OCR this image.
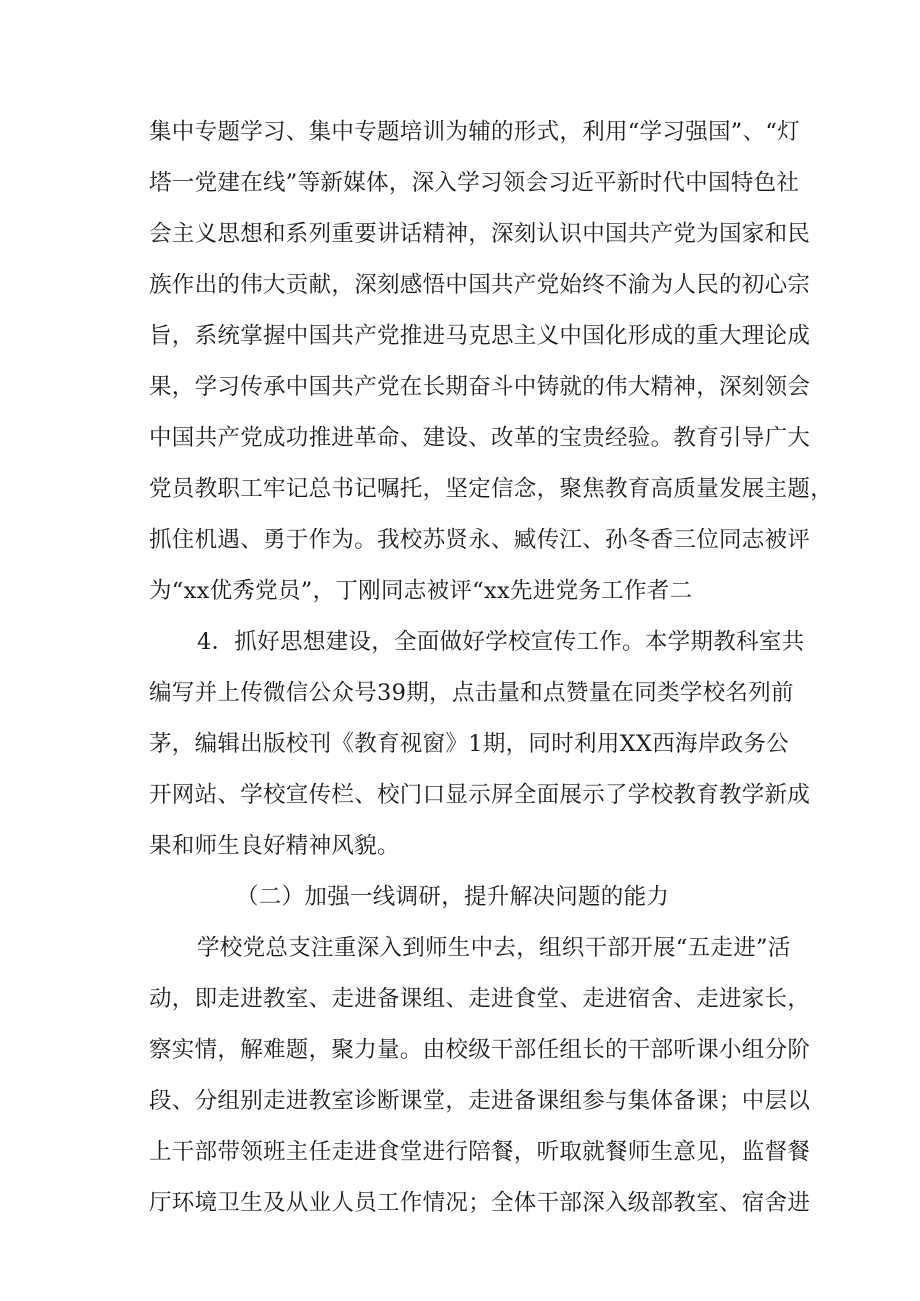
集中专题学习、集中专题培训为辅的形式，利用“学习强国”、“灯
塔一党建在线”等新媒体，深入学习领会习近平新时代中国特色社
会主义思想和系列重要讲话精神，深刻认识中国共产党为国家和民
族作出的伟大贡献，深刻感悟中国共产党始终不渝为人民的初心宗
旨，系统掌握中国共产党推进马克思主义中国化形成的重大理论成
果，学习传承中国共产党在长期奋斗中铸就的伟大精神，深刻领会
中国共产党成功推进革命、建设、改革的宝贵经验。教育引导广大
党员教职工牢记总书记嘱托，坚定信念，聚焦教育高质量发展主题，
抓住机遇、勇于作为。我校苏贤永、臧传江、孙冬香三位同志被评
为“xx优秀党员”，丁刚同志被评“xx先进党务工作者二
4．抓好思想建设，全面做好学校宣传工作。本学期教科室共
编写并上传微信公众号39期，点击量和点赞量在同类学校名列前
茅，编辑出版校刊《教育视窗》1期，同时利用XX西海岸政务公
开网站、学校宣传栏、校门口显示屏全面展示了学校教育教学新成
果和师生良好精神风貌。
（二）加强一线调研，提升解决问题的能力
学校党总支注重深入到师生中去，组织干部开展“五走进”活
动，即走进教室、走进备课组、走进食堂、走进宿舍、走进家长，
察实情，解难题，聚力量。由校级干部任组长的干部听课小组分阶
段、分组别走进教室诊断课堂，走进备课组参与集体备课；中层以
上干部带领班主任走进食堂进行陪餐，听取就餐师生意见，监督餐
厅环境卫生及从业人员工作情况；全体干部深入级部教室、宿舍进
